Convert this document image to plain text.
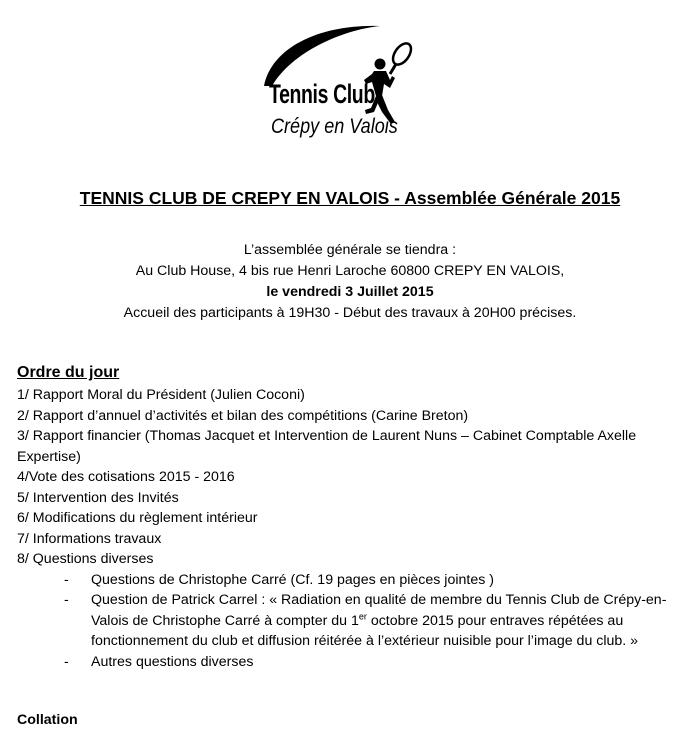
Tennis Club
Crépy en Valois
TENNIS CLUB DE CREPY EN VALOIS - Assemblée Générale 2015
L’assemblée générale se tiendra :
Au Club House, 4 bis rue Henri Laroche 60800 CREPY EN VALOIS,
le vendredi 3 Juillet 2015
Accueil des participants à 19H30 - Début des travaux à 20H00 précises.
Ordre du jour
1/ Rapport Moral du Président (Julien Coconi)
2/ Rapport d’annuel d’activités et bilan des compétitions (Carine Breton)
3/ Rapport financier (Thomas Jacquet et Intervention de Laurent Nuns – Cabinet Comptable Axelle Expertise)
4/Vote des cotisations 2015 - 2016
5/ Intervention des Invités
6/ Modifications du règlement intérieur
7/ Informations travaux
8/ Questions diverses
- Questions de Christophe Carré (Cf. 19 pages en pièces jointes )
- Question de Patrick Carrel : « Radiation en qualité de membre du Tennis Club de Crépy-en-Valois de Christophe Carré à compter du 1er octobre 2015 pour entraves répétées au fonctionnement du club et diffusion réitérée à l’extérieur nuisible pour l’image du club. »
- Autres questions diverses
Collation
